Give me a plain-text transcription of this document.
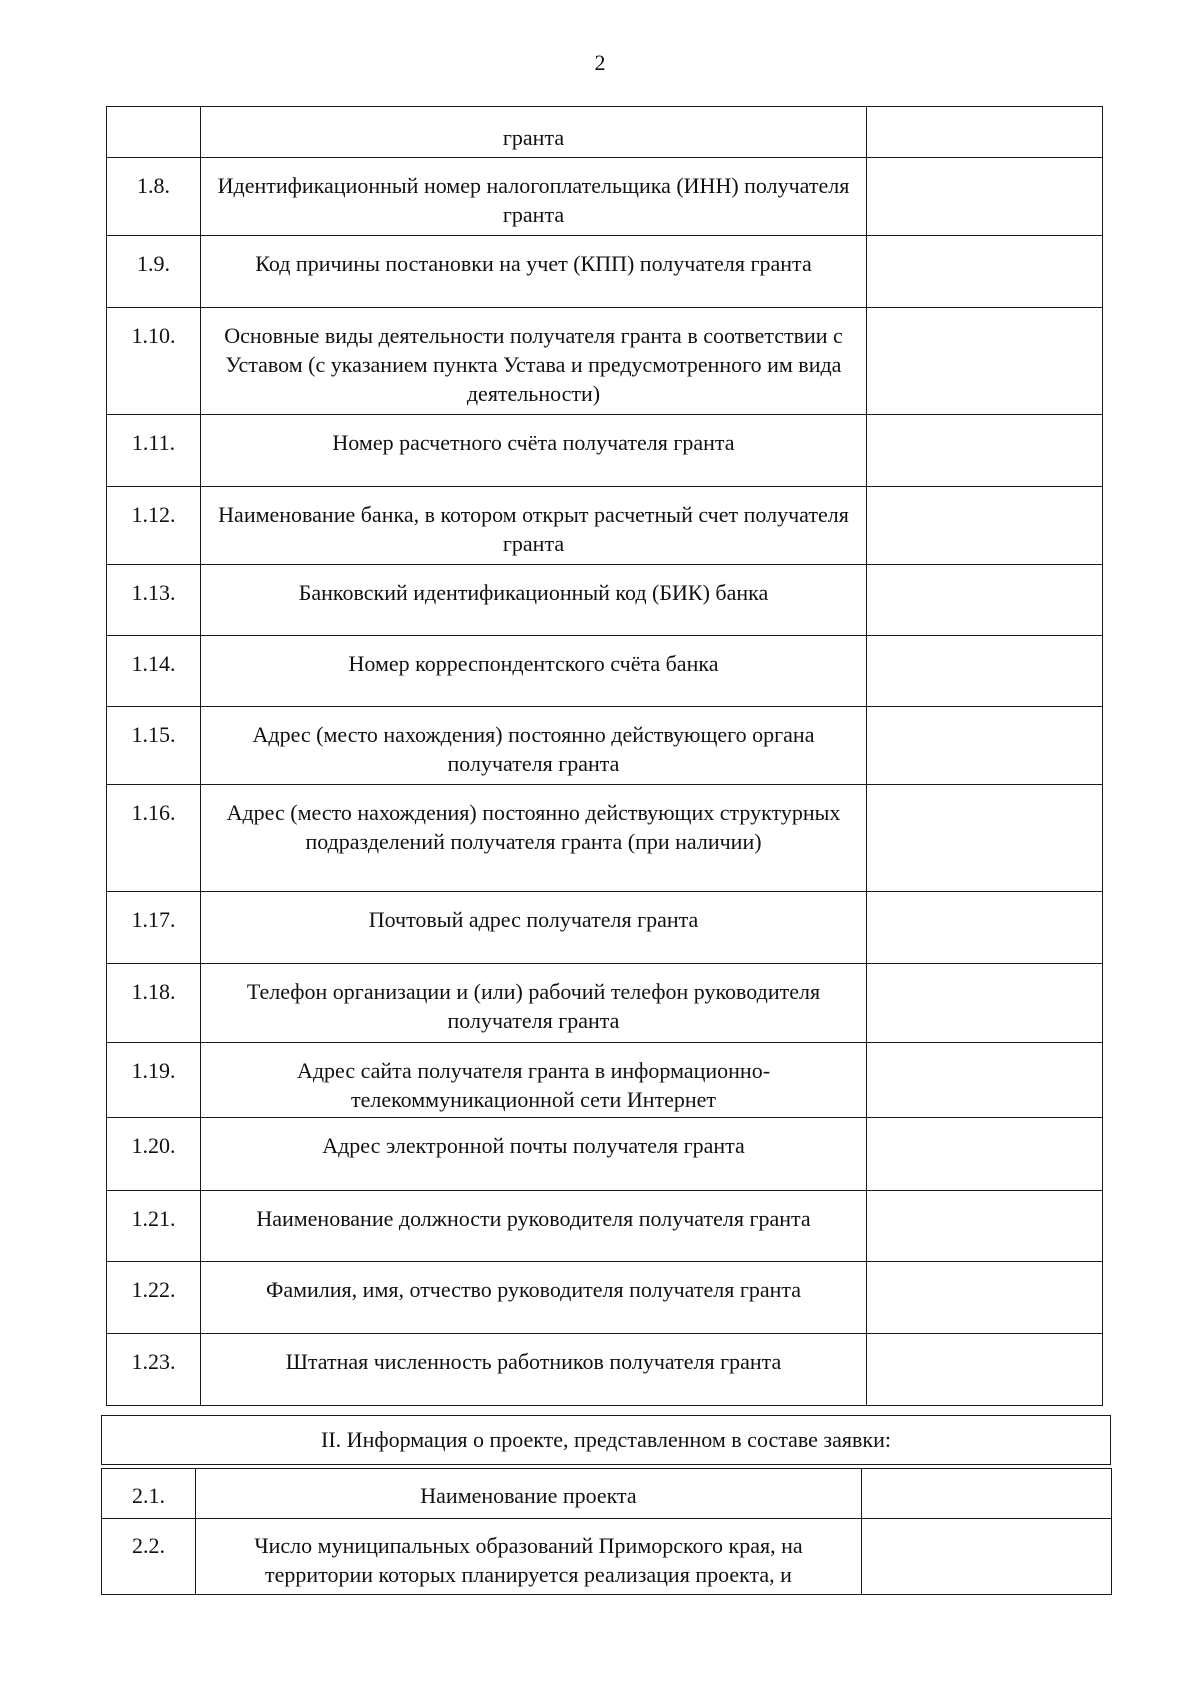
2
	гранта	
1.8.	Идентификационный номер налогоплательщика (ИНН) получателя гранта	
1.9.	Код причины постановки на учет (КПП) получателя гранта	
1.10.	Основные виды деятельности получателя гранта в соответствии с Уставом (с указанием пункта Устава и предусмотренного им вида деятельности)	
1.11.	Номер расчетного счёта получателя гранта	
1.12.	Наименование банка, в котором открыт расчетный счет получателя гранта	
1.13.	Банковский идентификационный код (БИК) банка	
1.14.	Номер корреспондентского счёта банка	
1.15.	Адрес (место нахождения) постоянно действующего органа получателя гранта	
1.16.	Адрес (место нахождения) постоянно действующих структурных подразделений получателя гранта (при наличии)	
1.17.	Почтовый адрес получателя гранта	
1.18.	Телефон организации и (или) рабочий телефон руководителя получателя гранта	
1.19.	Адрес сайта получателя гранта в информационно-телекоммуникационной сети Интернет	
1.20.	Адрес электронной почты получателя гранта	
1.21.	Наименование должности руководителя получателя гранта	
1.22.	Фамилия, имя, отчество руководителя получателя гранта	
1.23.	Штатная численность работников получателя гранта	
II. Информация о проекте, представленном в составе заявки:
2.1.	Наименование проекта	
2.2.	Число муниципальных образований Приморского края, на территории которых планируется реализация проекта, и	
